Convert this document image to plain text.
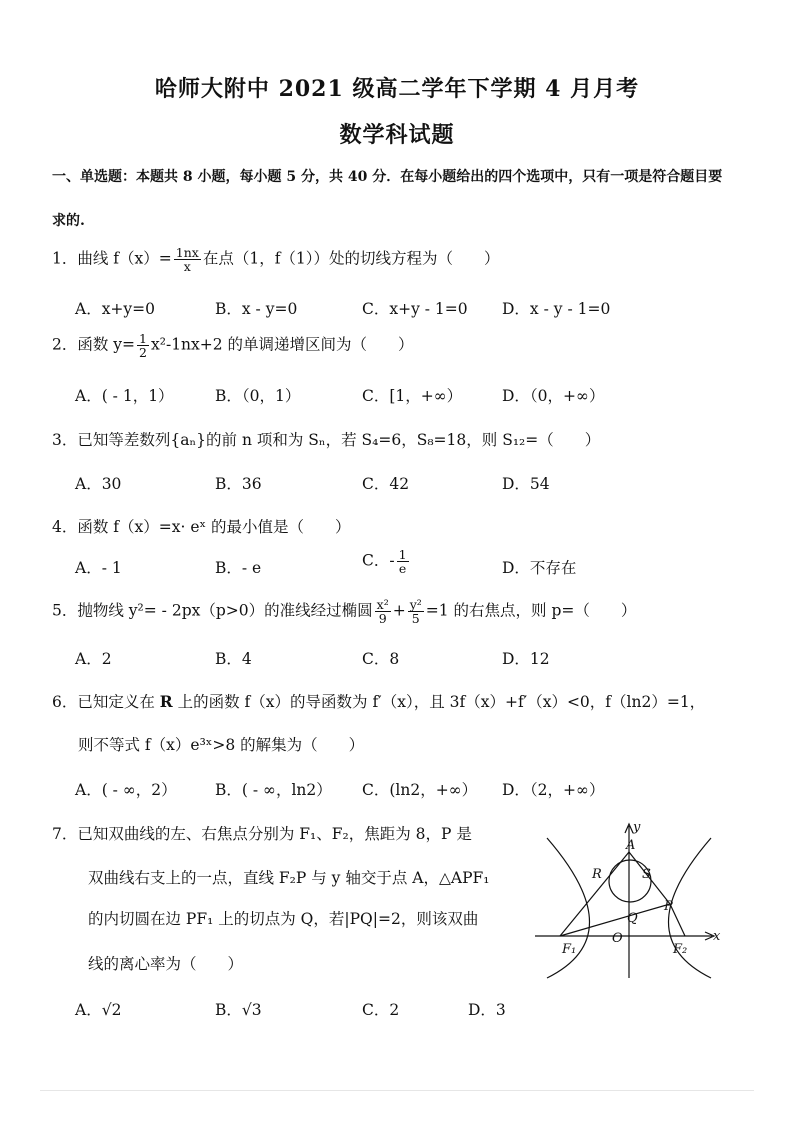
哈师大附中 2021 级高二学年下学期 4 月月考
数学科试题
一、单选题：本题共 8 小题，每小题 5 分，共 40 分．在每小题给出的四个选项中，只有一项是符合题目要
求的.
1．曲线 $f(x)= \frac{1nx}{x}$ 在点（1，f（1））处的切线方程为（　　）
A．x+y=0	B．x - y=0	C．x+y - 1=0 D．x - y - 1=0
2．函数 $y= \frac{1}{2} x^2-1nx+2$ 的单调递增区间为（　　）
A．( - 1，1）	B．（0，1）	C．[1，+∞）	D．（0，+∞）
3．已知等差数列{aₙ}的前 n 项和为 Sₙ，若 S₄=6，S₈=18，则 S₁₂=（　　）
A．30	B．36	C．42	D．54
4．函数 f（x）=x· eˣ 的最小值是（　　）
A．- 1	B．- e	C．- $\frac{1}{e}$	D．不存在
5．抛物线 y²= - 2px（p>0）的准线经过椭圆 $\frac{\text{x²}}{9} + \frac{\text{y²}}{5} =1$ 的右焦点，则 p=（　　）
A．2	B．4	C．8	D．12
6．已知定义在 R 上的函数 f（x）的导函数为 f′（x），且 3f（x）+f′（x）<0，f（ln2）=1，
则不等式 f（x）e³ˣ>8 的解集为（　　）
A．( - ∞，2） B．( - ∞，ln2） C．(ln2，+∞） D．（2，+∞）
7．已知双曲线的左、右焦点分别为 F₁、F₂，焦距为 8，P 是
双曲线右支上的一点，直线 F₂P 与 y 轴交于点 A，△APF₁
的内切圆在边 PF₁ 上的切点为 Q，若|PQ|=2，则该双曲
线的离心率为（　　）
A．√2	B．√3	C．2	D．3
y
x
A
R	S
P
Q
O
F₁	F₂
